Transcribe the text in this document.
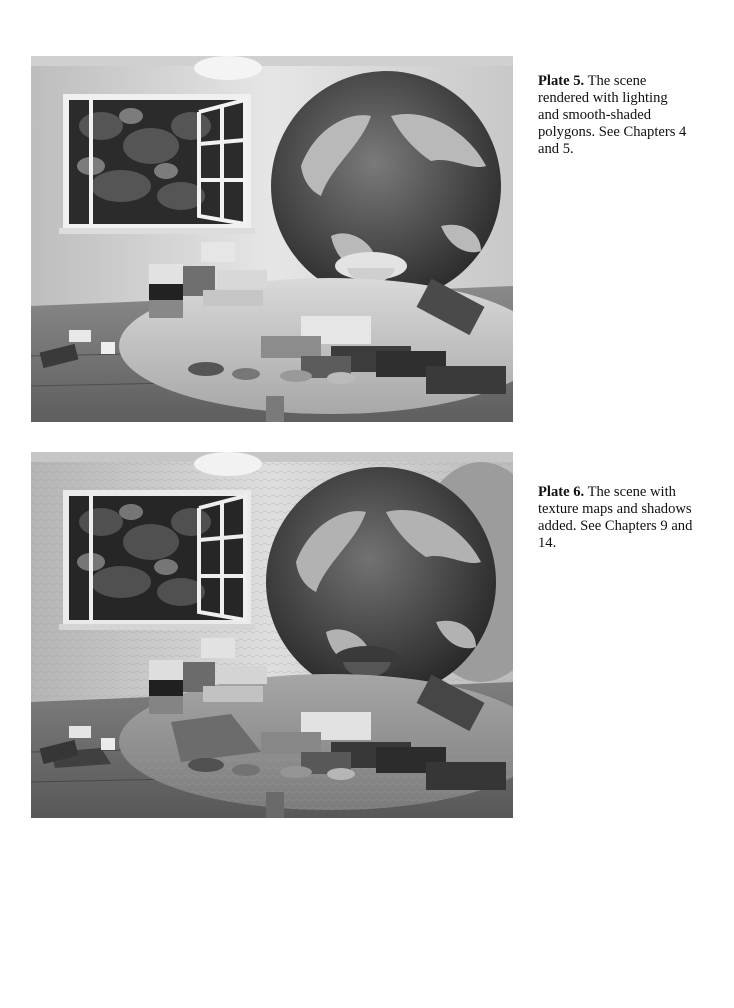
Plate 5. The scene
rendered with lighting
and smooth-shaded
polygons. See Chapters 4
and 5.

Plate 6. The scene with
texture maps and shadows
added. See Chapters 9 and
14.
